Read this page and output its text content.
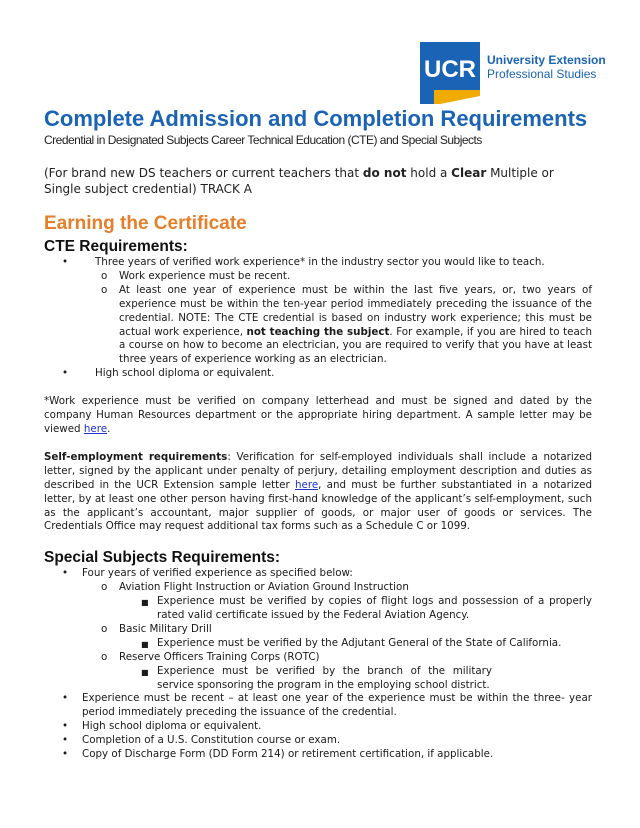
UCR University Extension
Professional Studies
Complete Admission and Completion Requirements
Credential in Designated Subjects Career Technical Education (CTE) and Special Subjects
(For brand new DS teachers or current teachers that do not hold a Clear Multiple or Single subject credential) TRACK A
Earning the Certificate
CTE Requirements:
•	Three years of verified work experience* in the industry sector you would like to teach.
o Work experience must be recent.
o At least one year of experience must be within the last five years, or, two years of experience must be within the ten-year period immediately preceding the issuance of the credential. NOTE: The CTE credential is based on industry work experience; this must be actual work experience, not teaching the subject. For example, if you are hired to teach a course on how to become an electrician, you are required to verify that you have at least three years of experience working as an electrician.
•	High school diploma or equivalent.
*Work experience must be verified on company letterhead and must be signed and dated by the company Human Resources department or the appropriate hiring department. A sample letter may be viewed here.
Self-employment requirements: Verification for self-employed individuals shall include a notarized letter, signed by the applicant under penalty of perjury, detailing employment description and duties as described in the UCR Extension sample letter here, and must be further substantiated in a notarized letter, by at least one other person having first-hand knowledge of the applicant’s self-employment, such as the applicant’s accountant, major supplier of goods, or major user of goods or services. The Credentials Office may request additional tax forms such as a Schedule C or 1099.
Special Subjects Requirements:
• Four years of verified experience as specified below:
o Aviation Flight Instruction or Aviation Ground Instruction
■ Experience must be verified by copies of flight logs and possession of a properly rated valid certificate issued by the Federal Aviation Agency.
o Basic Military Drill
■ Experience must be verified by the Adjutant General of the State of California.
o Reserve Officers Training Corps (ROTC)
■ Experience must be verified by the branch of the military service sponsoring the program in the employing school district.
• Experience must be recent – at least one year of the experience must be within the three- year period immediately preceding the issuance of the credential.
• High school diploma or equivalent.
• Completion of a U.S. Constitution course or exam.
• Copy of Discharge Form (DD Form 214) or retirement certification, if applicable.
